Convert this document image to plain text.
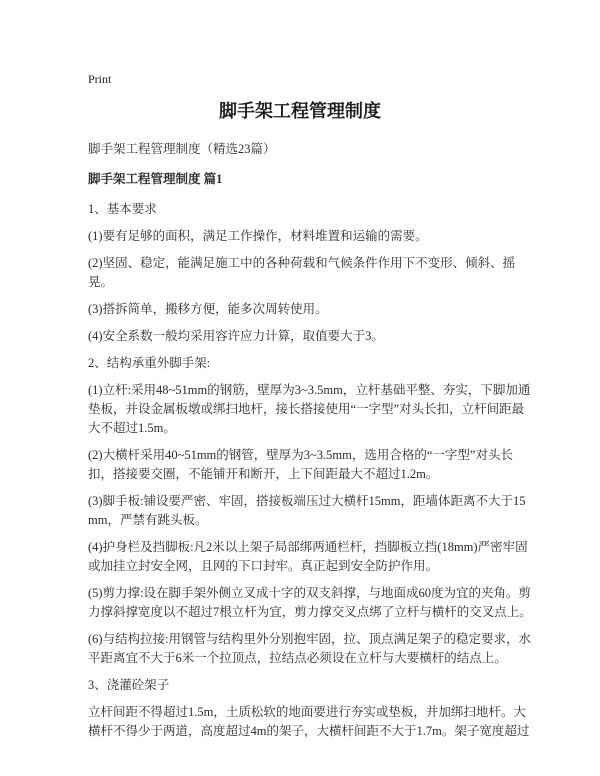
Print
脚手架工程管理制度

脚手架工程管理制度（精选23篇）

脚手架工程管理制度 篇1

1、基本要求

(1)要有足够的面积，满足工作操作，材料堆置和运输的需要。

(2)坚固、稳定，能满足施工中的各种荷载和气候条件作用下不变形、倾斜、摇晃。

(3)搭拆简单，搬移方便，能多次周转使用。

(4)安全系数一般均采用容许应力计算，取值要大于3。

2、结构承重外脚手架:

(1)立杆:采用48~51mm的钢筋，壁厚为3~3.5mm，立杆基础平整、夯实，下脚加通垫板，并设金属板墩或绑扫地杆，接长搭接使用“一字型”对头长扣，立杆间距最大不超过1.5m。

(2)大横杆采用40~51mm的钢管，壁厚为3~3.5mm，选用合格的“一字型”对头长扣，搭接要交圈，不能铺开和断开，上下间距最大不超过1.2m。

(3)脚手板:铺设要严密、牢固，搭接板端压过大横杆15mm，距墙体距离不大于15mm，严禁有跳头板。

(4)护身栏及挡脚板:凡2米以上架子局部绑两通栏杆，挡脚板立挡(18mm)严密牢固或加挂立封安全网，且网的下口封牢。真正起到安全防护作用。

(5)剪力撑:设在脚手架外侧立叉成十字的双支斜撑，与地面成60度为宜的夹角。剪力撑斜撑宽度以不超过7根立杆为宜，剪力撑交叉点绑了立杆与横杆的交叉点上。

(6)与结构拉接:用钢管与结构里外分别抱牢固，拉、顶点满足架子的稳定要求，水平距离宜不大于6米一个拉顶点，拉结点必须设在立杆与大要横杆的结点上。

3、浇灌砼架子

立杆间距不得超过1.5m，土质松软的地面要进行夯实或垫板，并加绑扫地杆。大横杆不得少于两道，高度超过4m的架子，大横杆间距不大于1.7m。架子宽度超过
